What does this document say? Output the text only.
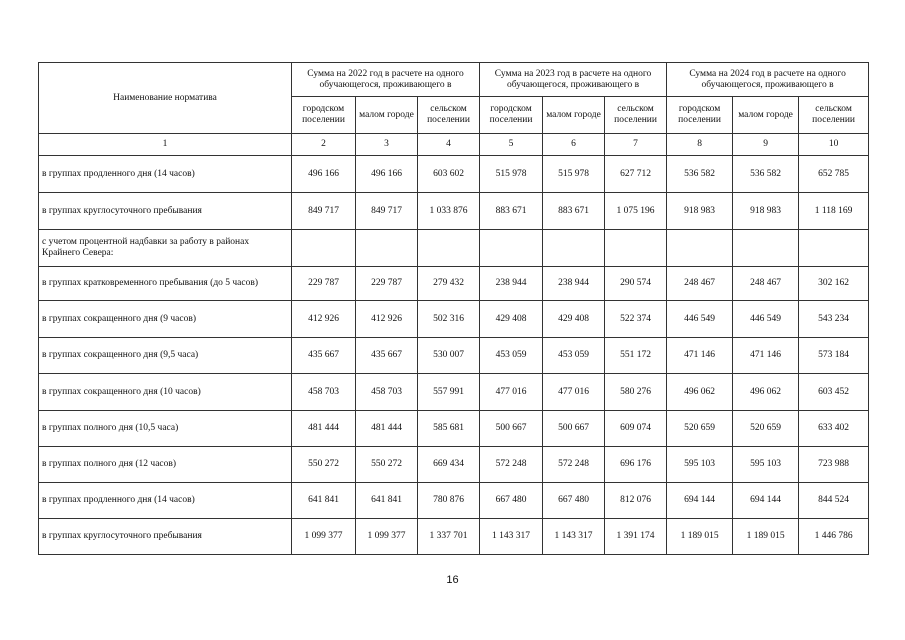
Наименование норматива	Сумма на 2022 год в расчете на одного обучающегося, проживающего в			Сумма на 2023 год в расчете на одного обучающегося, проживающего в			Сумма на 2024 год в расчете на одного обучающегося, проживающего в		
	городском поселении	малом городе	сельском поселении	городском поселении	малом городе	сельском поселении	городском поселении	малом городе	сельском поселении
1	2	3	4	5	6	7	8	9	10
в группах продленного дня (14 часов)	496 166	496 166	603 602	515 978	515 978	627 712	536 582	536 582	652 785
в группах круглосуточного пребывания	849 717	849 717	1 033 876	883 671	883 671	1 075 196	918 983	918 983	1 118 169
с учетом процентной надбавки за работу в районах Крайнего Севера:									
в группах кратковременного пребывания (до 5 часов)	229 787	229 787	279 432	238 944	238 944	290 574	248 467	248 467	302 162
в группах сокращенного дня (9 часов)	412 926	412 926	502 316	429 408	429 408	522 374	446 549	446 549	543 234
в группах сокращенного дня (9,5 часа)	435 667	435 667	530 007	453 059	453 059	551 172	471 146	471 146	573 184
в группах сокращенного дня (10 часов)	458 703	458 703	557 991	477 016	477 016	580 276	496 062	496 062	603 452
в группах полного дня (10,5 часа)	481 444	481 444	585 681	500 667	500 667	609 074	520 659	520 659	633 402
в группах полного дня (12 часов)	550 272	550 272	669 434	572 248	572 248	696 176	595 103	595 103	723 988
в группах продленного дня (14 часов)	641 841	641 841	780 876	667 480	667 480	812 076	694 144	694 144	844 524
в группах круглосуточного пребывания	1 099 377	1 099 377	1 337 701	1 143 317	1 143 317	1 391 174	1 189 015	1 189 015	1 446 786
16
